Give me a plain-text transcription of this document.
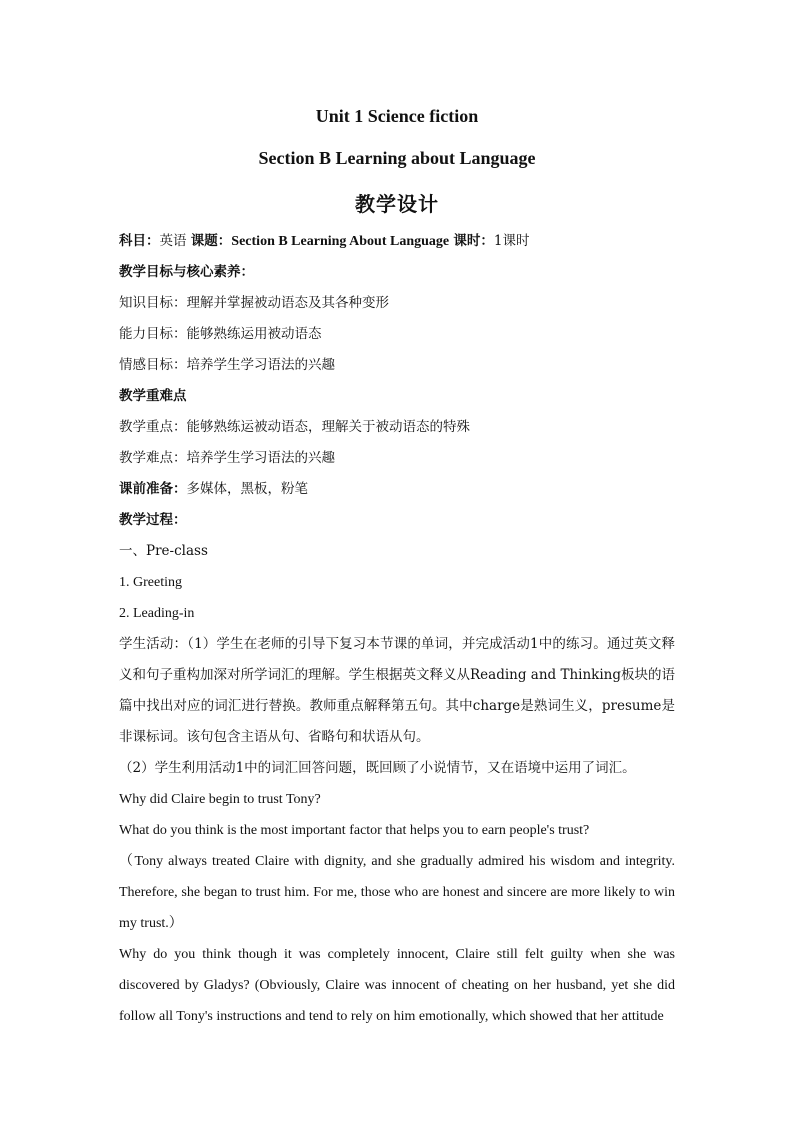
Unit 1 Science fiction
Section B Learning about Language
教学设计

科目：英语 课题：Section B Learning About Language 课时：1课时

教学目标与核心素养：

知识目标：理解并掌握被动语态及其各种变形

能力目标：能够熟练运用被动语态

情感目标：培养学生学习语法的兴趣

教学重难点

教学重点：能够熟练运被动语态，理解关于被动语态的特殊

教学难点：培养学生学习语法的兴趣

课前准备：多媒体，黑板，粉笔

教学过程：

一、Pre-class

1. Greeting

2. Leading-in

学生活动：（1）学生在老师的引导下复习本节课的单词，并完成活动1中的练习。通过英文释义和句子重构加深对所学词汇的理解。学生根据英文释义从Reading and Thinking板块的语篇中找出对应的词汇进行替换。教师重点解释第五句。其中charge是熟词生义，presume是非课标词。该句包含主语从句、省略句和状语从句。

（2）学生利用活动1中的词汇回答问题，既回顾了小说情节，又在语境中运用了词汇。

Why did Claire begin to trust Tony?

What do you think is the most important factor that helps you to earn people's trust?

（Tony always treated Claire with dignity, and she gradually admired his wisdom and integrity. Therefore, she began to trust him. For me, those who are honest and sincere are more likely to win my trust.）

Why do you think though it was completely innocent, Claire still felt guilty when she was discovered by Gladys? (Obviously, Claire was innocent of cheating on her husband, yet she did follow all Tony's instructions and tend to rely on him emotionally, which showed that her attitude
